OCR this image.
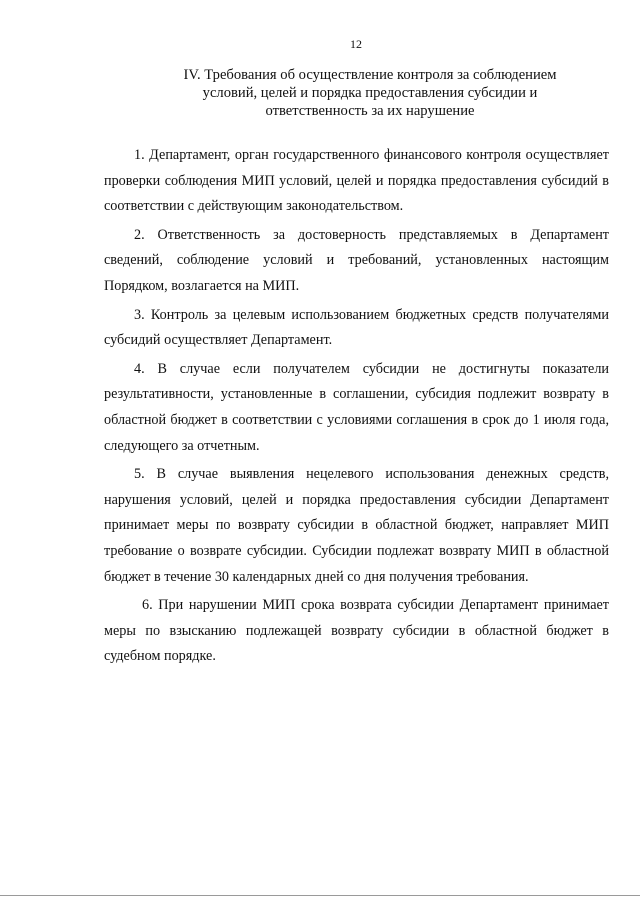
12
IV. Требования об осуществление контроля за соблюдением
условий, целей и порядка предоставления субсидии и
ответственность за их нарушение

1. Департамент, орган государственного финансового контроля осуществляет проверки соблюдения МИП условий, целей и порядка предоставления субсидий в соответствии с действующим законодательством.

2. Ответственность за достоверность представляемых в Департамент сведений, соблюдение условий и требований, установленных настоящим Порядком, возлагается на МИП.

3. Контроль за целевым использованием бюджетных средств получателями субсидий осуществляет Департамент.

4. В случае если получателем субсидии не достигнуты показатели результативности, установленные в соглашении, субсидия подлежит возврату в областной бюджет в соответствии с условиями соглашения в срок до 1 июля года, следующего за отчетным.

5. В случае выявления нецелевого использования денежных средств, нарушения условий, целей и порядка предоставления субсидии Департамент принимает меры по возврату субсидии в областной бюджет, направляет МИП требование о возврате субсидии. Субсидии подлежат возврату МИП в областной бюджет в течение 30 календарных дней со дня получения требования.

6. При нарушении МИП срока возврата субсидии Департамент принимает меры по взысканию подлежащей возврату субсидии в областной бюджет в судебном порядке.
